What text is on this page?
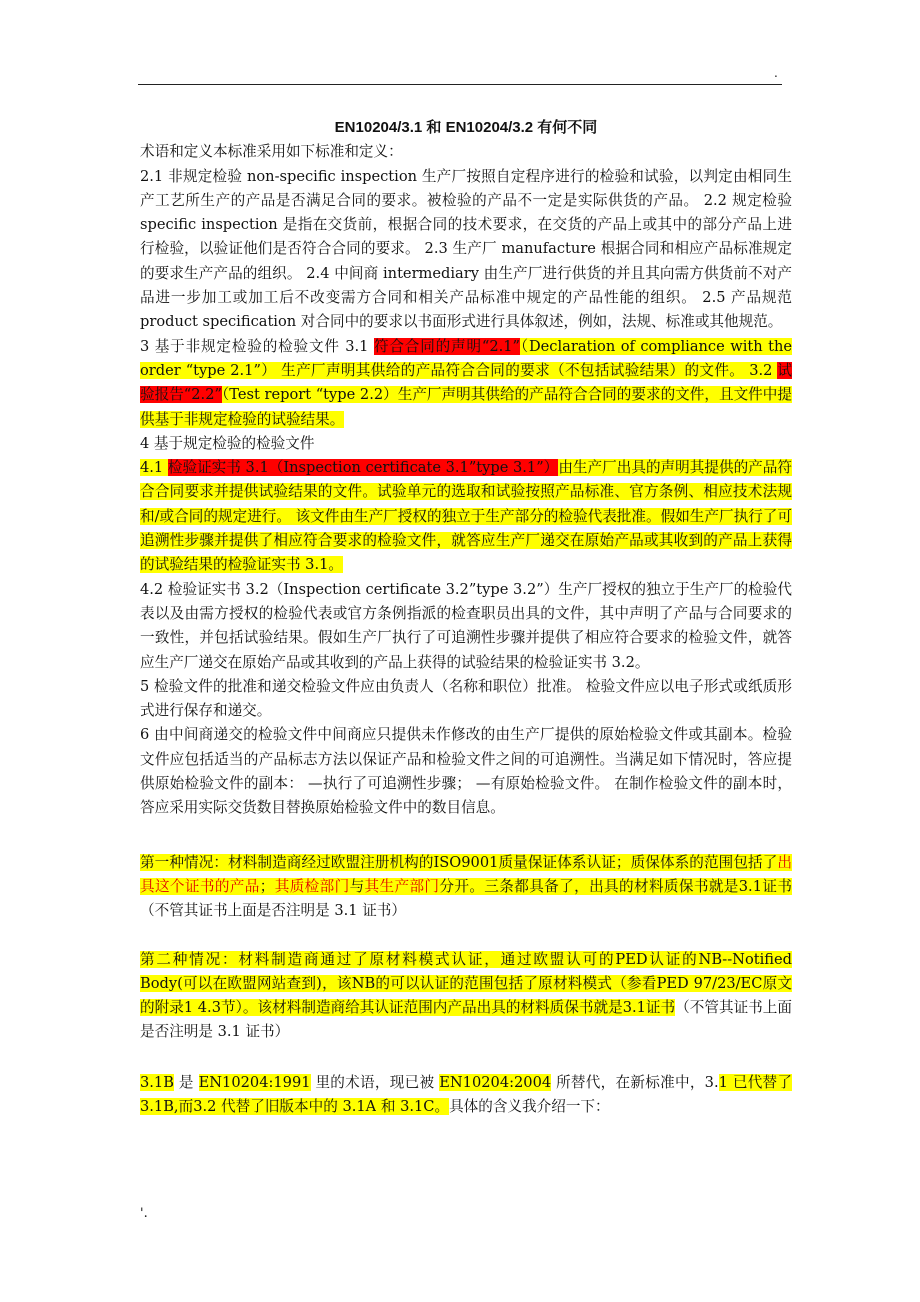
.

EN10204/3.1 和 EN10204/3.2 有何不同

术语和定义本标准采用如下标准和定义：

2.1 非规定检验 non-specific inspection 生产厂按照自定程序进行的检验和试验，以判定由相同生产工艺所生产的产品是否满足合同的要求。被检验的产品不一定是实际供货的产品。 2.2 规定检验 specific inspection 是指在交货前，根据合同的技术要求，在交货的产品上或其中的部分产品上进行检验，以验证他们是否符合合同的要求。 2.3 生产厂 manufacture 根据合同和相应产品标准规定的要求生产产品的组织。 2.4 中间商 intermediary 由生产厂进行供货的并且其向需方供货前不对产品进一步加工或加工后不改变需方合同和相关产品标准中规定的产品性能的组织。 2.5 产品规范 product specification 对合同中的要求以书面形式进行具体叙述，例如，法规、标准或其他规范。

3 基于非规定检验的检验文件 3.1 符合合同的声明“2.1”（Declaration of compliance with the order “type 2.1”） 生产厂声明其供给的产品符合合同的要求（不包括试验结果）的文件。 3.2 试验报告“2.2”（Test report “type 2.2）生产厂声明其供给的产品符合合同的要求的文件，且文件中提供基于非规定检验的试验结果。

4 基于规定检验的检验文件

4.1 检验证实书 3.1（Inspection certificate 3.1”type 3.1”）由生产厂出具的声明其提供的产品符合合同要求并提供试验结果的文件。试验单元的选取和试验按照产品标准、官方条例、相应技术法规和/或合同的规定进行。 该文件由生产厂授权的独立于生产部分的检验代表批准。假如生产厂执行了可追溯性步骤并提供了相应符合要求的检验文件，就答应生产厂递交在原始产品或其收到的产品上获得的试验结果的检验证实书 3.1。

4.2 检验证实书 3.2（Inspection certificate 3.2”type 3.2”）生产厂授权的独立于生产厂的检验代表以及由需方授权的检验代表或官方条例指派的检查职员出具的文件，其中声明了产品与合同要求的一致性，并包括试验结果。假如生产厂执行了可追溯性步骤并提供了相应符合要求的检验文件，就答应生产厂递交在原始产品或其收到的产品上获得的试验结果的检验证实书 3.2。

5 检验文件的批准和递交检验文件应由负责人（名称和职位）批准。 检验文件应以电子形式或纸质形式进行保存和递交。

6 由中间商递交的检验文件中间商应只提供未作修改的由生产厂提供的原始检验文件或其副本。检验文件应包括适当的产品标志方法以保证产品和检验文件之间的可追溯性。当满足如下情况时，答应提供原始检验文件的副本： —执行了可追溯性步骤； —有原始检验文件。 在制作检验文件的副本时，答应采用实际交货数目替换原始检验文件中的数目信息。

第一种情况：材料制造商经过欧盟注册机构的ISO9001质量保证体系认证；质保体系的范围包括了出具这个证书的产品；其质检部门与其生产部门分开。三条都具备了，出具的材料质保书就是3.1证书（不管其证书上面是否注明是 3.1 证书）

第二种情况：材料制造商通过了原材料模式认证，通过欧盟认可的PED认证的NB--Notified Body(可以在欧盟网站查到)，该NB的可以认证的范围包括了原材料模式（参看PED 97/23/EC原文的附录1 4.3节）。该材料制造商给其认证范围内产品出具的材料质保书就是3.1证书（不管其证书上面是否注明是 3.1 证书）

3.1B 是 EN10204:1991 里的术语，现已被 EN10204:2004 所替代，在新标准中，3.1 已代替了 3.1B,而3.2 代替了旧版本中的 3.1A 和 3.1C。具体的含义我介绍一下：

'.
